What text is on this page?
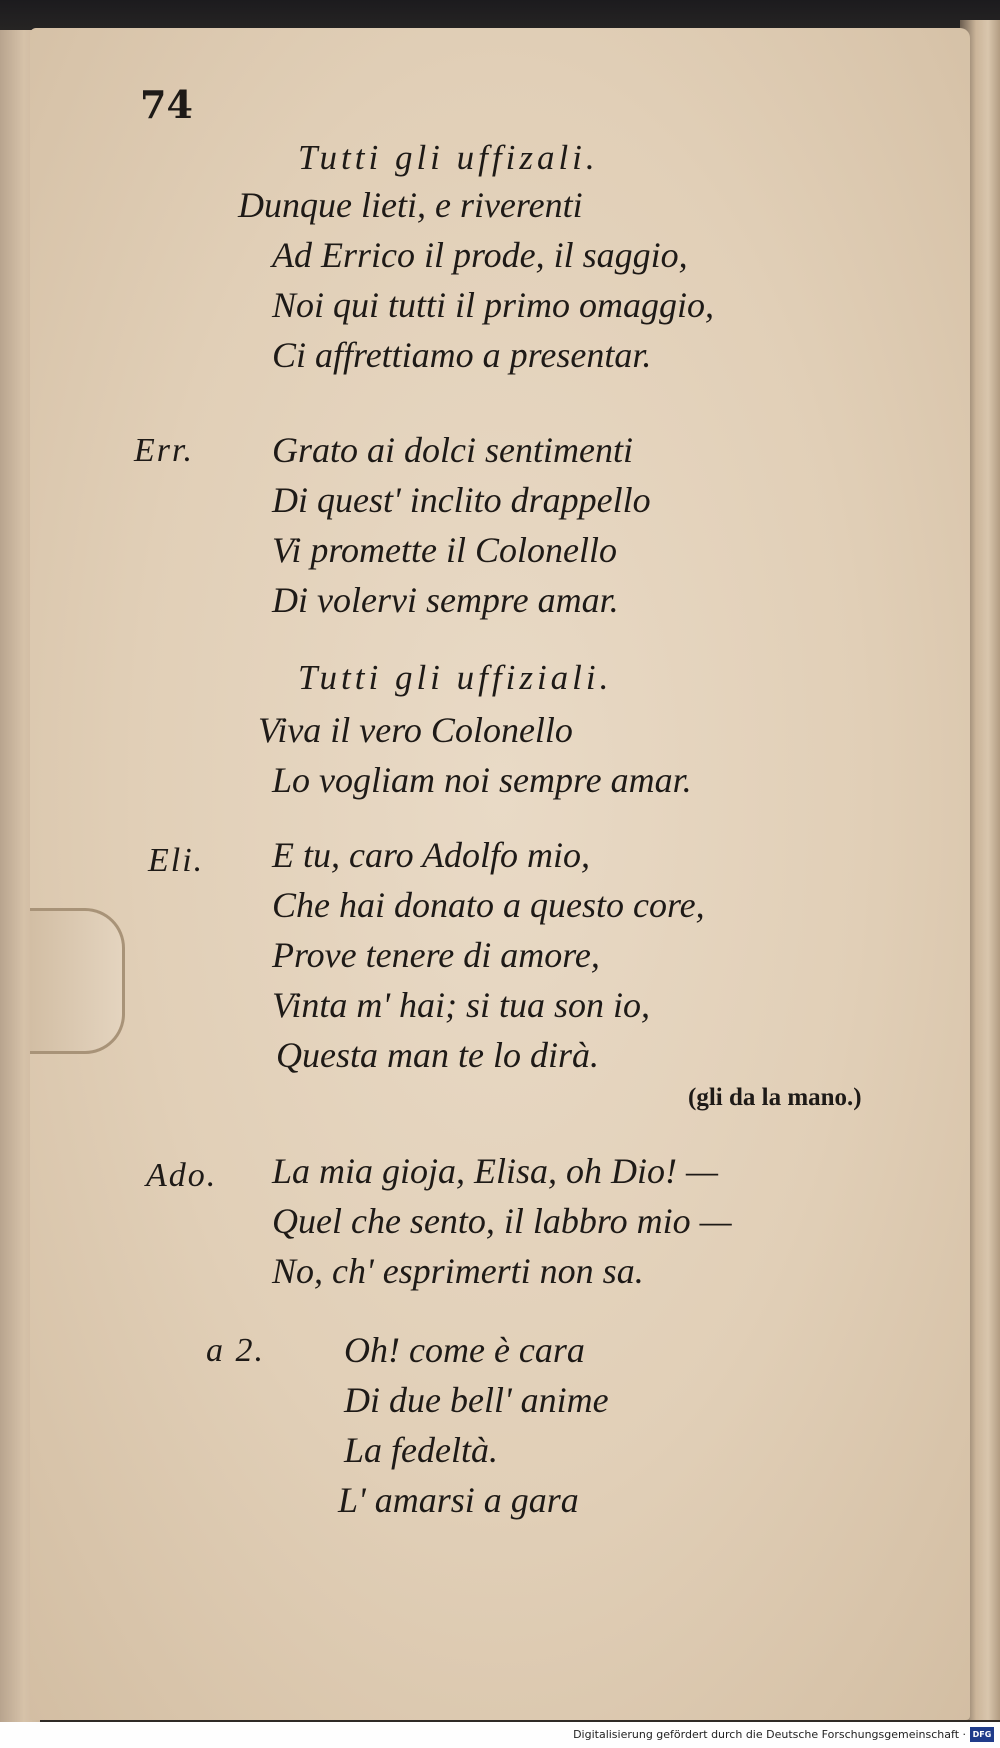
74
Tutti gli uffizali.
Dunque lieti, e riverenti
Ad Errico il prode, il saggio,
Noi qui tutti il primo omaggio,
Ci affrettiamo a presentar.
Err. Grato ai dolci sentimenti
Di quest' inclito drappello
Vi promette il Colonello
Di volervi sempre amar.
Tutti gli uffiziali.
Viva il vero Colonello
Lo vogliam noi sempre amar.
Eli. E tu, caro Adolfo mio,
Che hai donato a questo core,
Prove tenere di amore,
Vinta m' hai; si tua son io,
Questa man te lo dirà.
(gli da la mano.)
Ado. La mia gioja, Elisa, oh Dio! —
Quel che sento, il labbro mio —
No, ch' esprimerti non sa.
a 2. Oh! come è cara
Di due bell' anime
La fedeltà.
L' amarsi a gara
Digitalisierung gefördert durch die Deutsche Forschungsgemeinschaft · DFG
